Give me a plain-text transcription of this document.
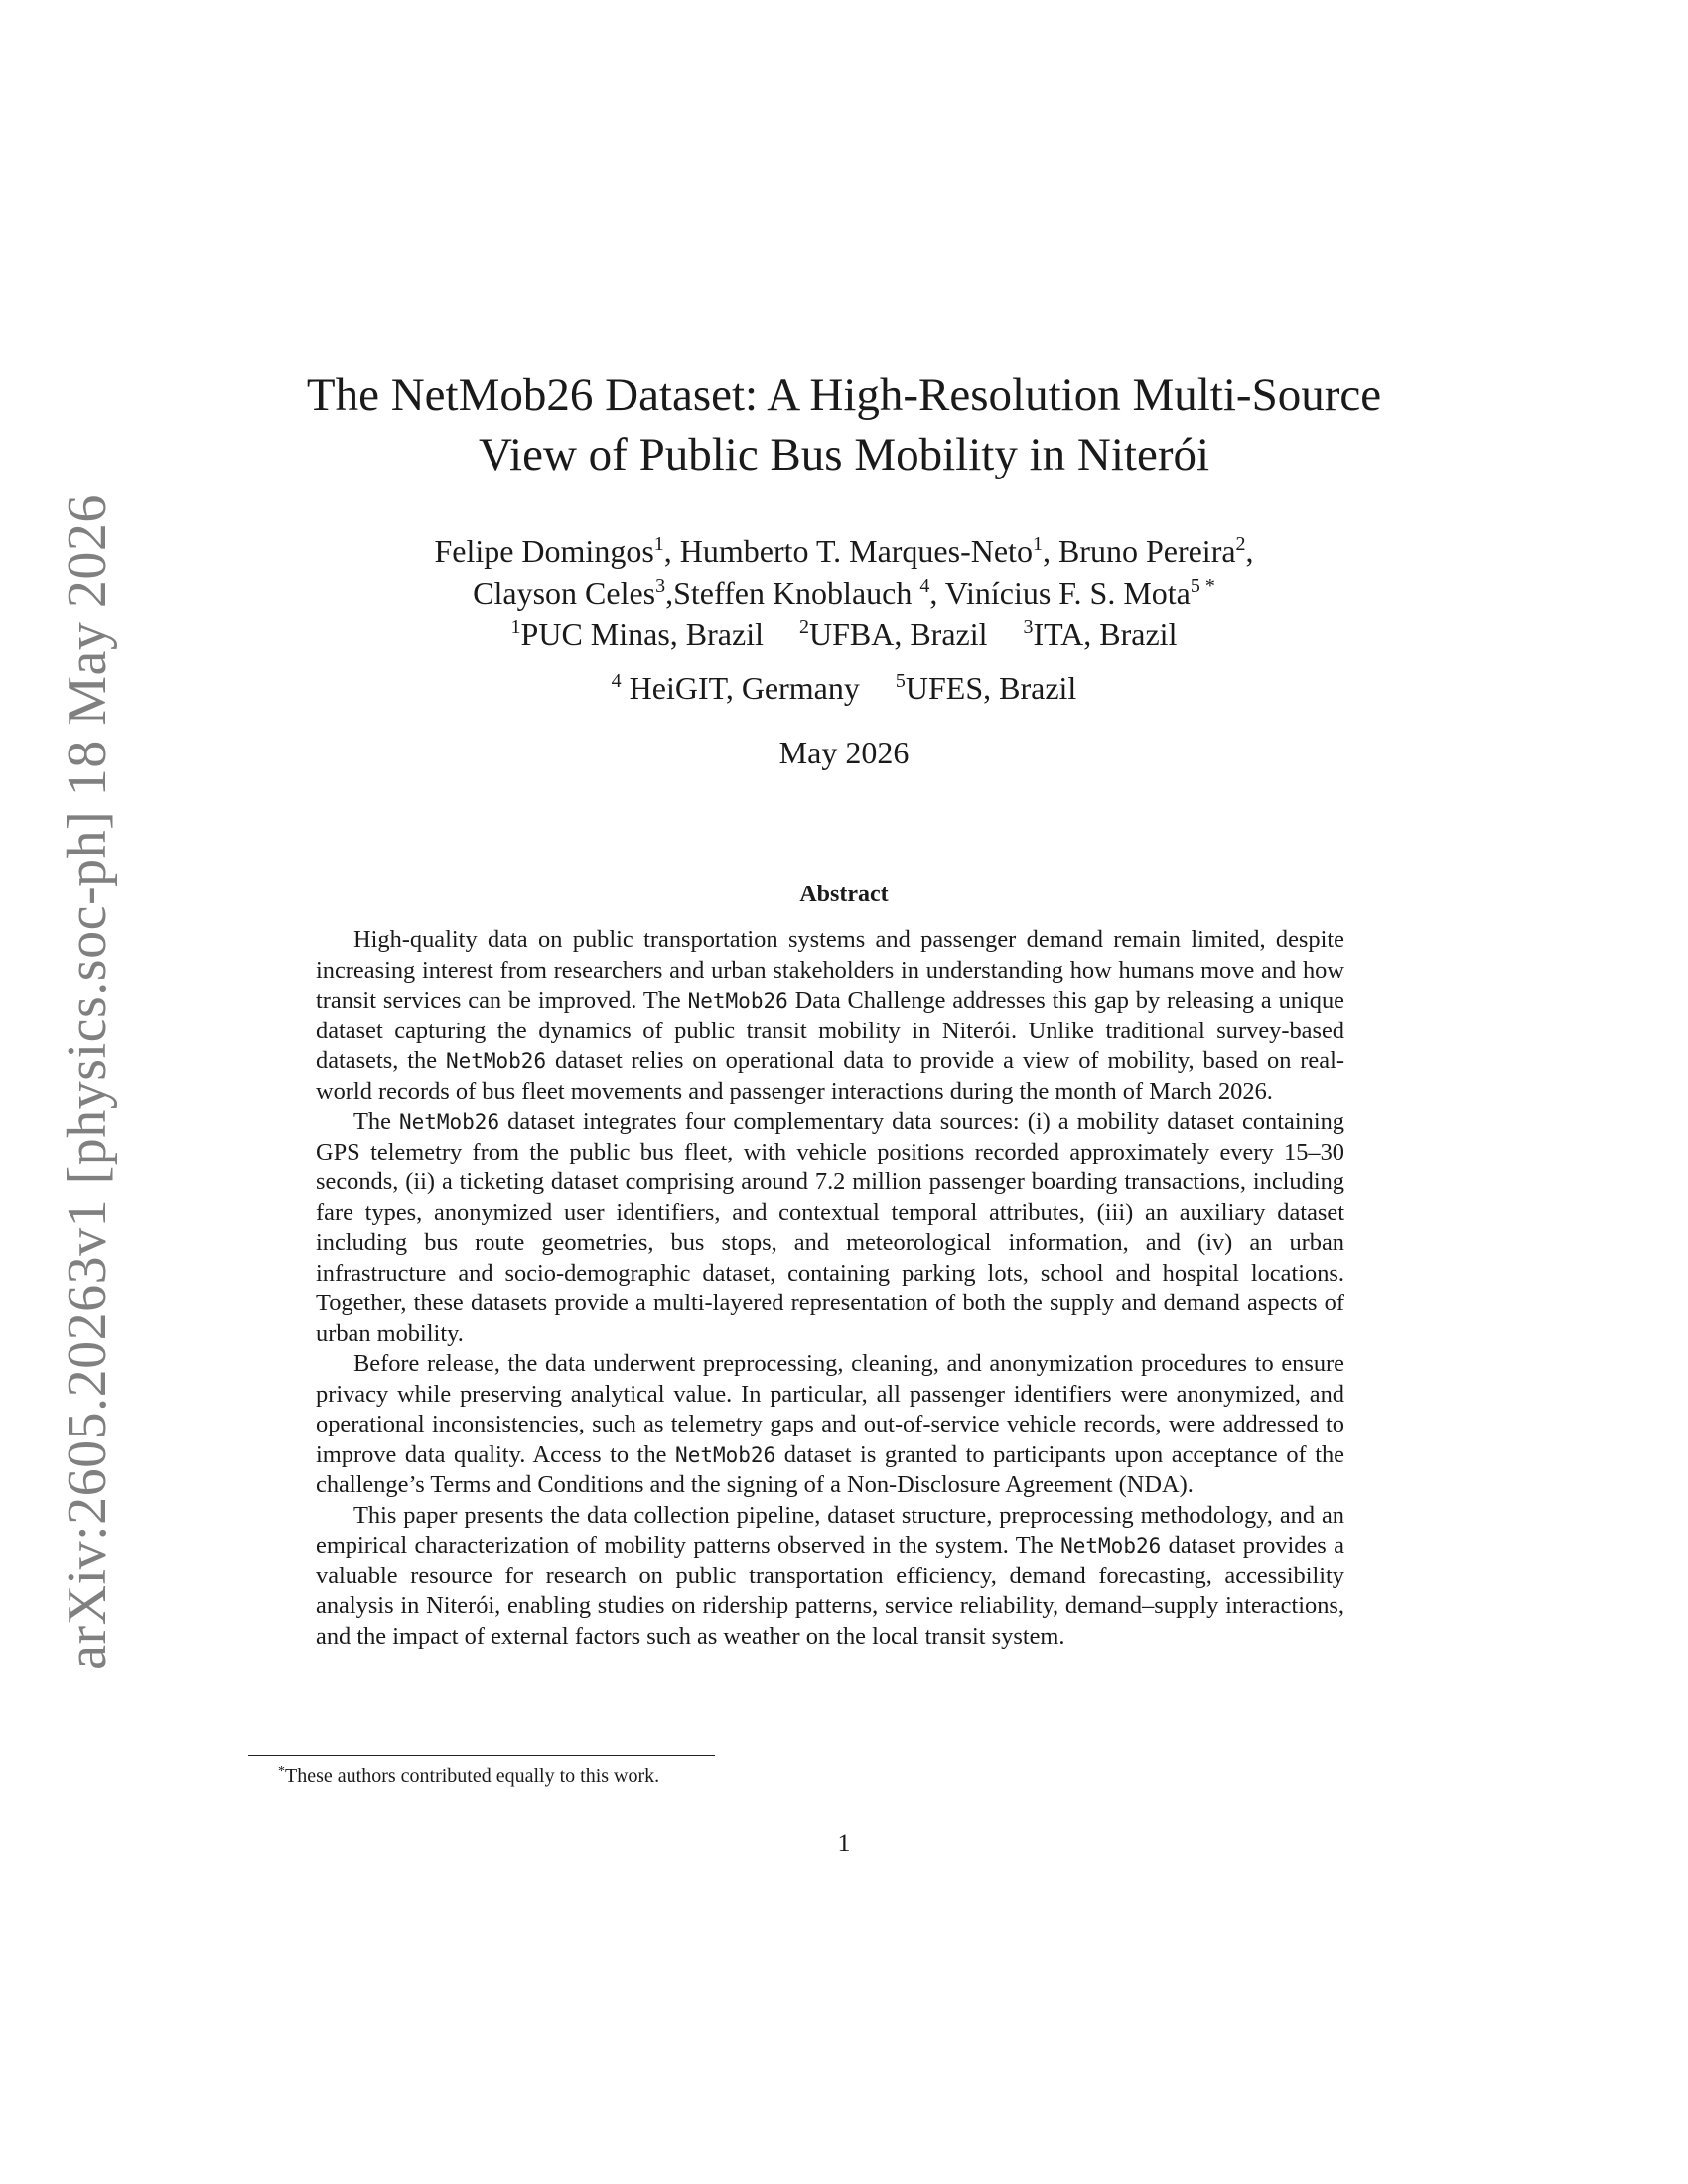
arXiv:2605.20263v1 [physics.soc-ph] 18 May 2026
The NetMob26 Dataset: A High-Resolution Multi-Source
View of Public Bus Mobility in Niterói
Felipe Domingos$^1$, Humberto T. Marques-Neto$^1$, Bruno Pereira$^2$,
Clayson Celes$^3$,Steffen Knoblauch $^4$, Vinícius F. S. Mota$^{5 *}$
$^1$PUC Minas, Brazil $^2$UFBA, Brazil $^3$ITA, Brazil
$^4$ HeiGIT, Germany $^5$UFES, Brazil
May 2026
Abstract

High-quality data on public transportation systems and passenger demand remain limited, despite increasing interest from researchers and urban stakeholders in understanding how humans move and how transit services can be improved. The NetMob26 Data Challenge addresses this gap by releasing a unique dataset capturing the dynamics of public transit mobility in Niterói. Unlike traditional survey-based datasets, the NetMob26 dataset relies on operational data to provide a view of mobility, based on real-world records of bus fleet movements and passenger interactions during the month of March 2026.

The NetMob26 dataset integrates four complementary data sources: (i) a mobility dataset containing GPS telemetry from the public bus fleet, with vehicle positions recorded approximately every 15–30 seconds, (ii) a ticketing dataset comprising around 7.2 million passenger boarding transactions, including fare types, anonymized user identifiers, and contextual temporal attributes, (iii) an auxiliary dataset including bus route geometries, bus stops, and meteorological information, and (iv) an urban infrastructure and socio-demographic dataset, containing parking lots, school and hospital locations. Together, these datasets provide a multi-layered representation of both the supply and demand aspects of urban mobility.

Before release, the data underwent preprocessing, cleaning, and anonymization procedures to ensure privacy while preserving analytical value. In particular, all passenger identifiers were anonymized, and operational inconsistencies, such as telemetry gaps and out-of-service vehicle records, were addressed to improve data quality. Access to the NetMob26 dataset is granted to participants upon acceptance of the challenge’s Terms and Conditions and the signing of a Non-Disclosure Agreement (NDA).

This paper presents the data collection pipeline, dataset structure, preprocessing methodology, and an empirical characterization of mobility patterns observed in the system. The NetMob26 dataset provides a valuable resource for research on public transportation efficiency, demand forecasting, accessibility analysis in Niterói, enabling studies on ridership patterns, service reliability, demand–supply interactions, and the impact of external factors such as weather on the local transit system.

*These authors contributed equally to this work.
1
